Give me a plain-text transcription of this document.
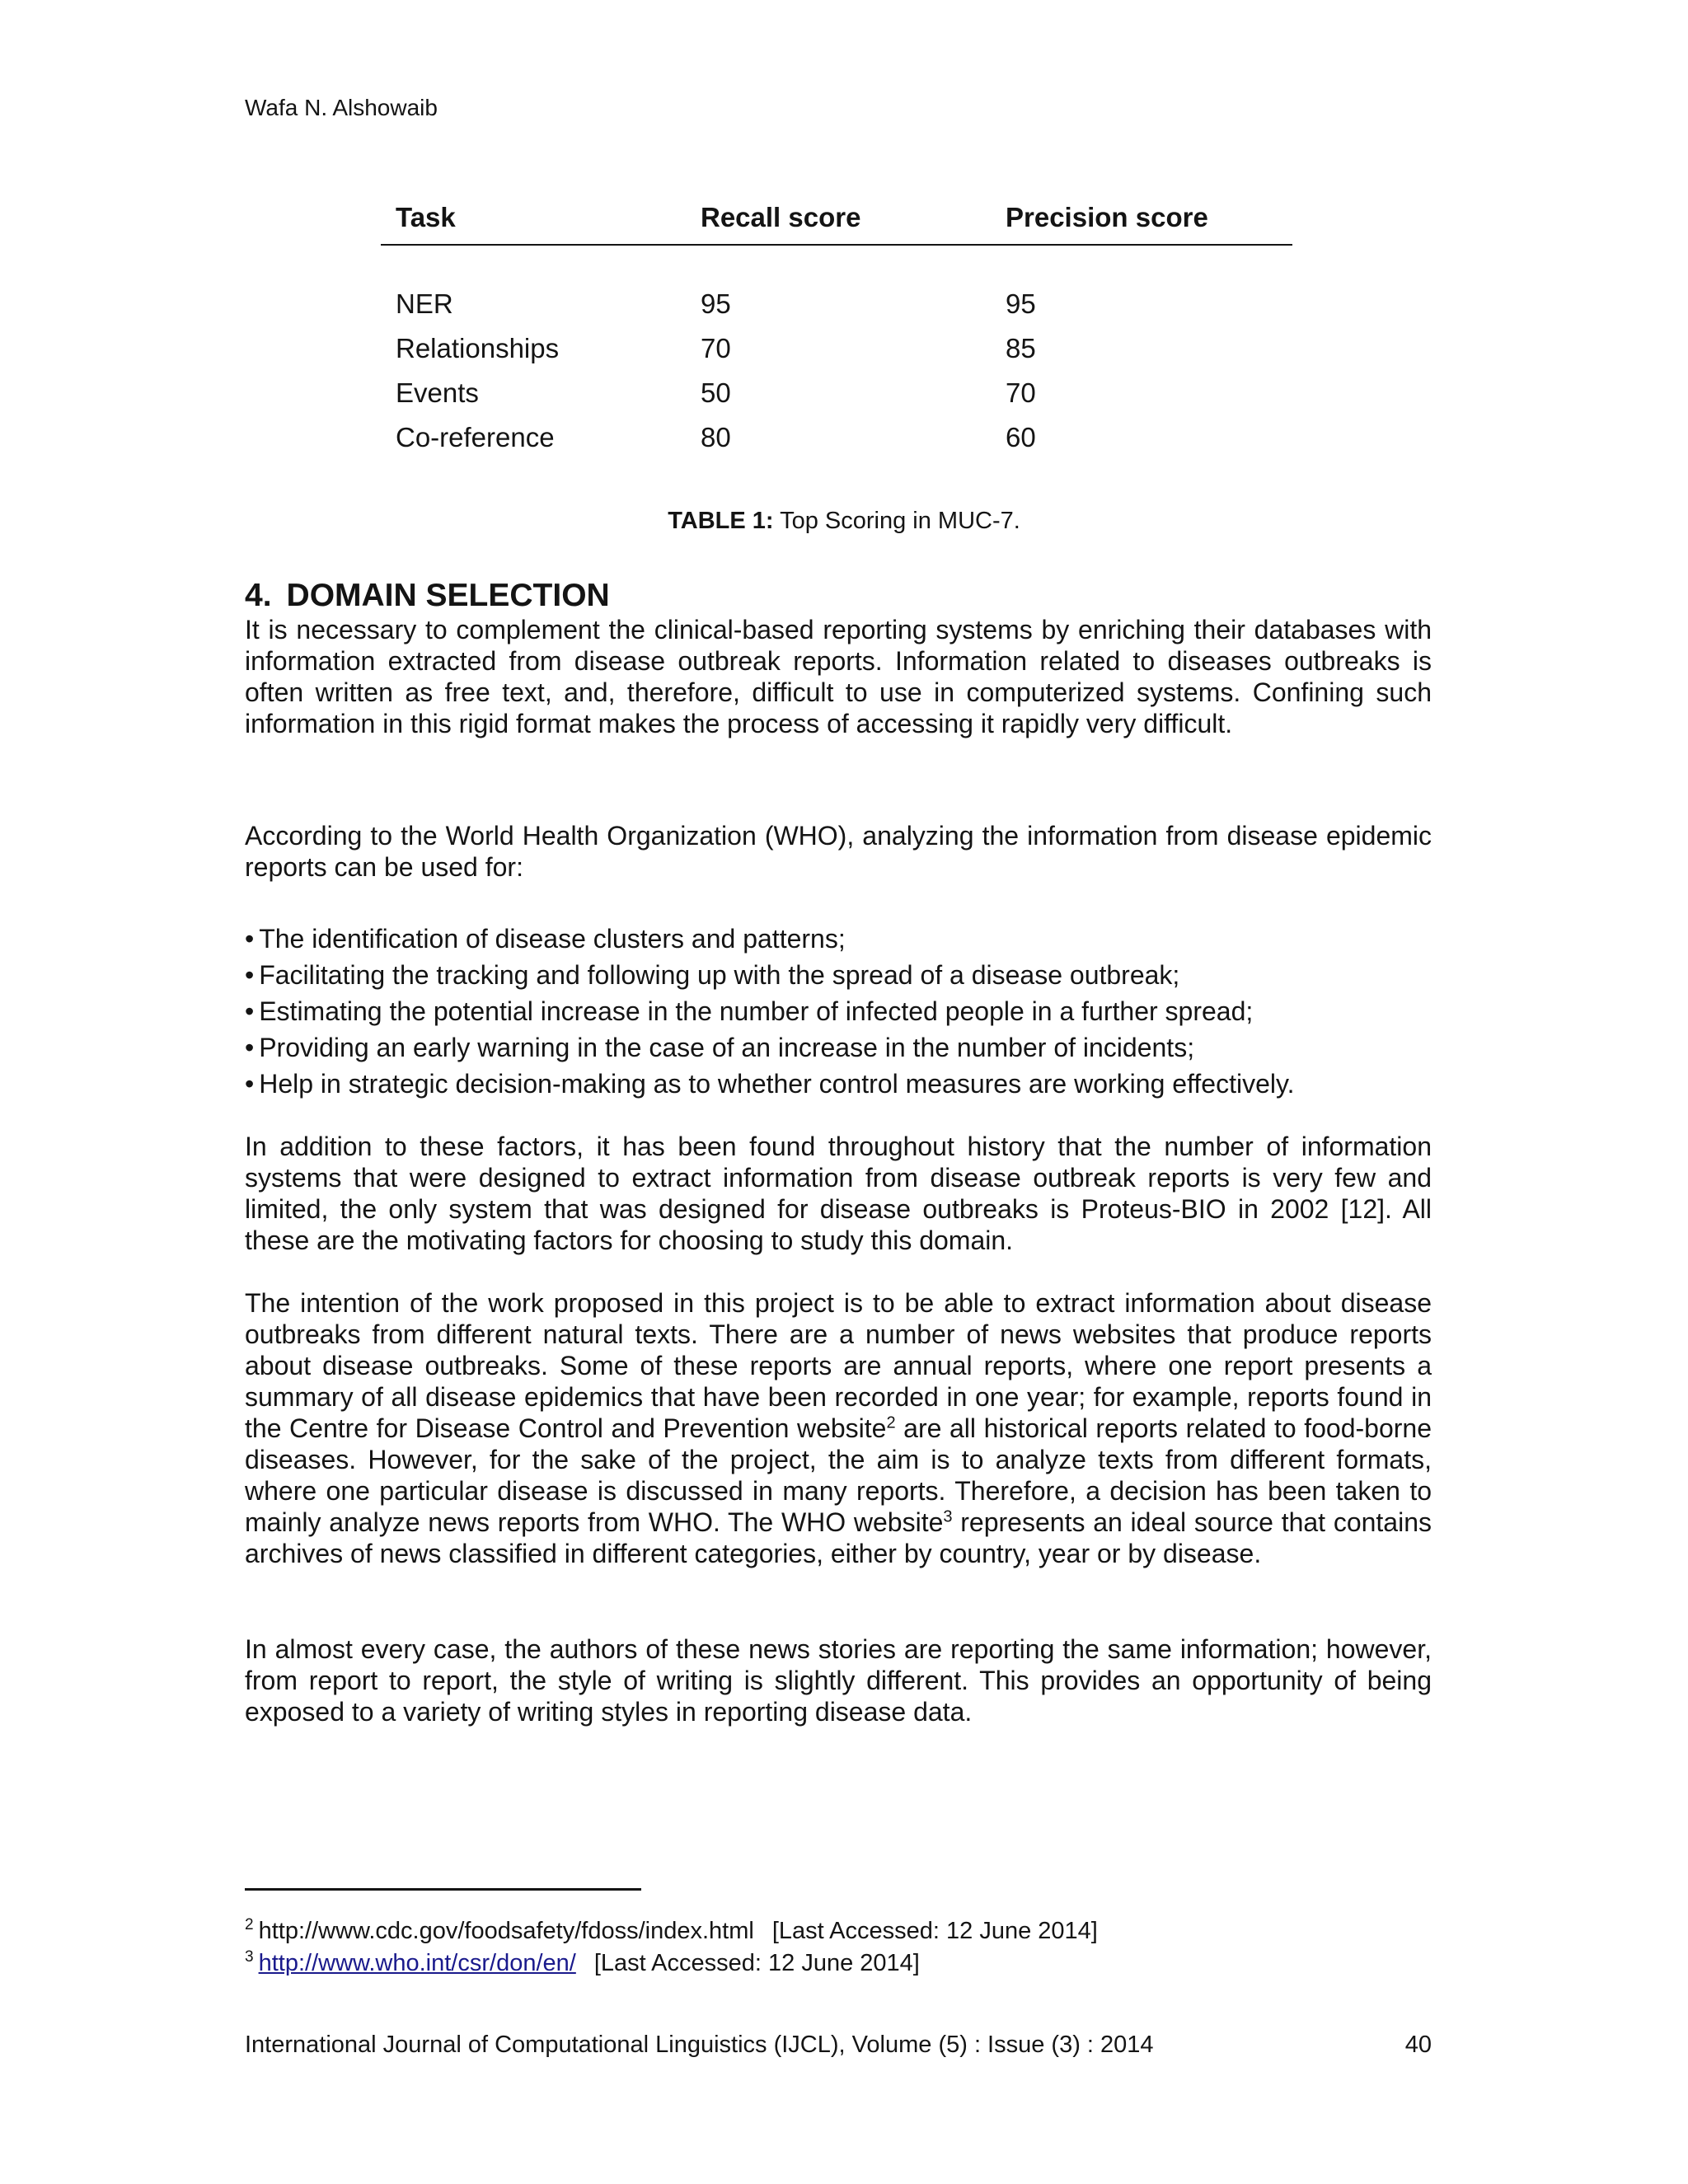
Wafa N. Alshowaib
Task	Recall score	Precision score
NER	95	95
Relationships	70	85
Events	50	70
Co-reference	80	60
TABLE 1: Top Scoring in MUC-7.
4. DOMAIN SELECTION

It is necessary to complement the clinical-based reporting systems by enriching their databases with information extracted from disease outbreak reports. Information related to diseases outbreaks is often written as free text, and, therefore, difficult to use in computerized systems. Confining such information in this rigid format makes the process of accessing it rapidly very difficult.

According to the World Health Organization (WHO), analyzing the information from disease epidemic reports can be used for:

• The identification of disease clusters and patterns;
• Facilitating the tracking and following up with the spread of a disease outbreak;
• Estimating the potential increase in the number of infected people in a further spread;
• Providing an early warning in the case of an increase in the number of incidents;
• Help in strategic decision-making as to whether control measures are working effectively.

In addition to these factors, it has been found throughout history that the number of information systems that were designed to extract information from disease outbreak reports is very few and limited, the only system that was designed for disease outbreaks is Proteus-BIO in 2002 [12]. All these are the motivating factors for choosing to study this domain.

The intention of the work proposed in this project is to be able to extract information about disease outbreaks from different natural texts. There are a number of news websites that produce reports about disease outbreaks. Some of these reports are annual reports, where one report presents a summary of all disease epidemics that have been recorded in one year; for example, reports found in the Centre for Disease Control and Prevention website$^2$ are all historical reports related to food-borne diseases. However, for the sake of the project, the aim is to analyze texts from different formats, where one particular disease is discussed in many reports. Therefore, a decision has been taken to mainly analyze news reports from WHO. The WHO website$^3$ represents an ideal source that contains archives of news classified in different categories, either by country, year or by disease.

In almost every case, the authors of these news stories are reporting the same information; however, from report to report, the style of writing is slightly different. This provides an opportunity of being exposed to a variety of writing styles in reporting disease data.

$^2$ http://www.cdc.gov/foodsafety/fdoss/index.html [Last Accessed: 12 June 2014]
$^3$ http://www.who.int/csr/don/en/ [Last Accessed: 12 June 2014]
International Journal of Computational Linguistics (IJCL), Volume (5) : Issue (3) : 2014	40
